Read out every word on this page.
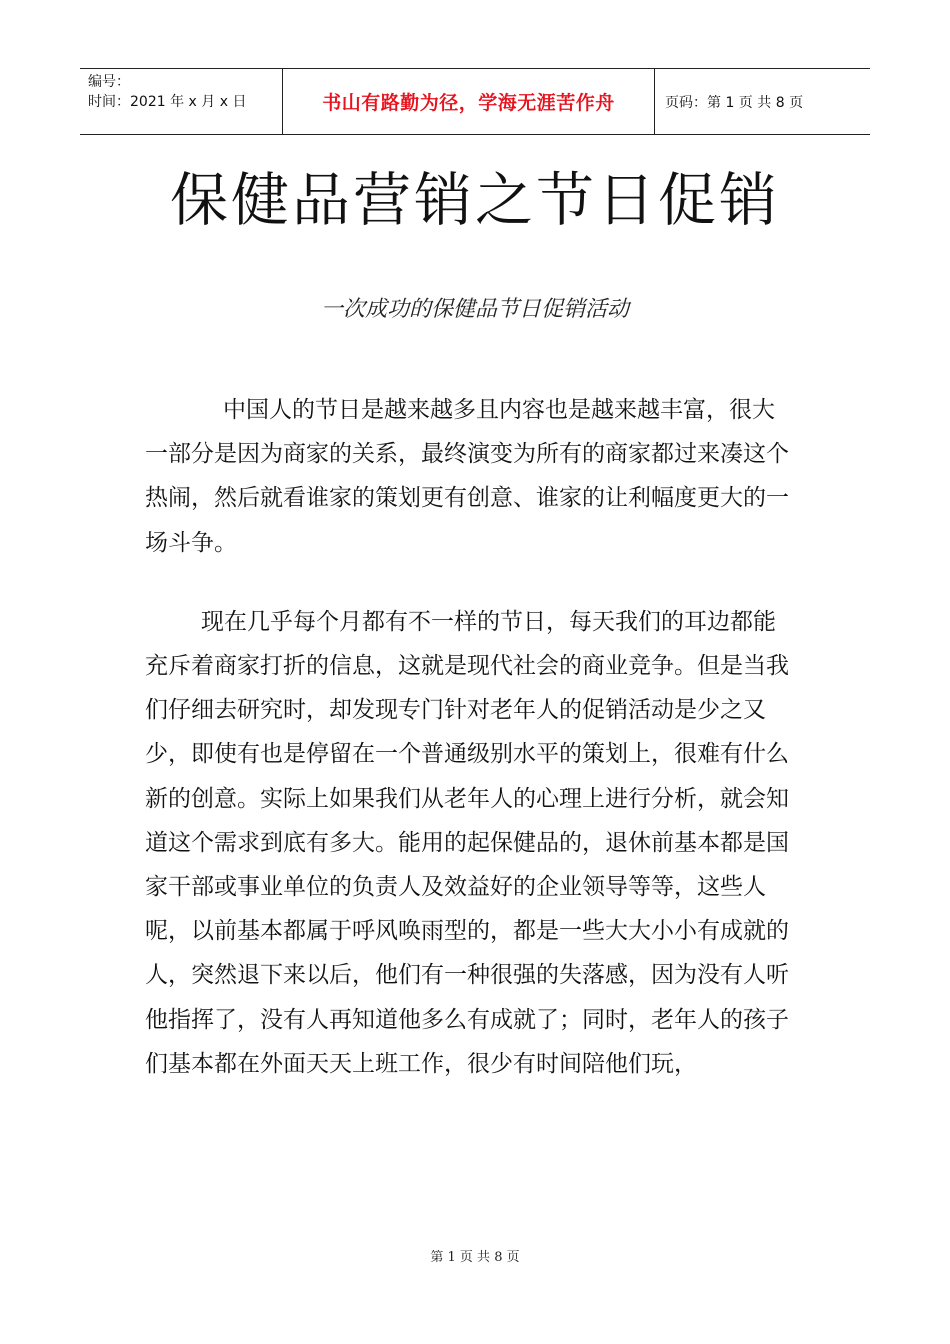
编号：
时间：2021 年 x 月 x 日	书山有路勤为径，学海无涯苦作舟	页码：第 1 页 共 8 页
保健品营销之节日促销
一次成功的保健品节日促销活动

中国人的节日是越来越多且内容也是越来越丰富，很大一部分是因为商家的关系，最终演变为所有的商家都过来凑这个热闹，然后就看谁家的策划更有创意、谁家的让利幅度更大的一场斗争。

现在几乎每个月都有不一样的节日，每天我们的耳边都能充斥着商家打折的信息，这就是现代社会的商业竞争。但是当我们仔细去研究时，却发现专门针对老年人的促销活动是少之又少，即使有也是停留在一个普通级别水平的策划上，很难有什么新的创意。实际上如果我们从老年人的心理上进行分析，就会知道这个需求到底有多大。能用的起保健品的，退休前基本都是国家干部或事业单位的负责人及效益好的企业领导等等，这些人呢，以前基本都属于呼风唤雨型的，都是一些大大小小有成就的人，突然退下来以后，他们有一种很强的失落感，因为没有人听他指挥了，没有人再知道他多么有成就了；同时，老年人的孩子们基本都在外面天天上班工作，很少有时间陪他们玩，

第 1 页 共 8 页
